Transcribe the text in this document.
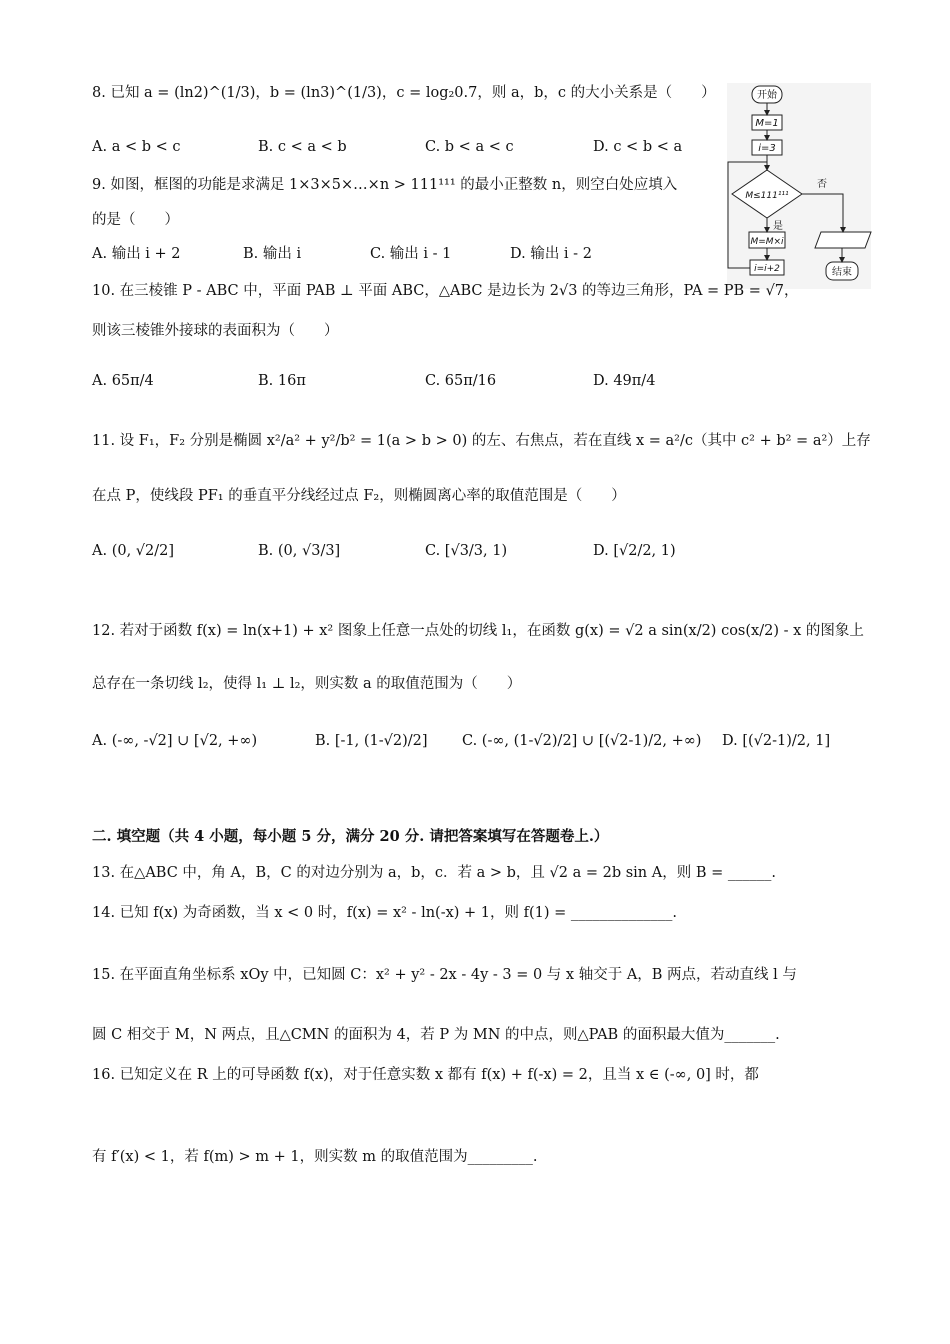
8. 已知 a = (ln2)^(1/3)，b = (ln3)^(1/3)，c = log₂0.7，则 a，b，c 的大小关系是（　　）
A. a < b < c	B. c < a < b	C. b < a < c	D. c < b < a
9. 如图，框图的功能是求满足 1×3×5×…×n > 111¹¹¹ 的最小正整数 n，则空白处应填入
的是（　　）
A. 输出 i + 2	B. 输出 i	C. 输出 i - 1	D. 输出 i - 2
开始
M=1
i=3
M≤111¹¹¹
否
是
M=M×i
i=i+2	结束
10. 在三棱锥 P - ABC 中，平面 PAB ⊥ 平面 ABC，△ABC 是边长为 2√3 的等边三角形，PA = PB = √7，
则该三棱锥外接球的表面积为（　　）
A. 65π/4	B. 16π	C. 65π/16	D. 49π/4
11. 设 F₁，F₂ 分别是椭圆 x²/a² + y²/b² = 1(a > b > 0) 的左、右焦点，若在直线 x = a²/c（其中 c² + b² = a²）上存
在点 P，使线段 PF₁ 的垂直平分线经过点 F₂，则椭圆离心率的取值范围是（　　）
A. (0, √2/2]	B. (0, √3/3]	C. [√3/3, 1)	D. [√2/2, 1)
12. 若对于函数 f(x) = ln(x+1) + x² 图象上任意一点处的切线 l₁，在函数 g(x) = √2 a sin(x/2) cos(x/2) - x 的图象上
总存在一条切线 l₂，使得 l₁ ⊥ l₂，则实数 a 的取值范围为（　　）
A. (-∞, -√2] ∪ [√2, +∞)	B. [-1, (1-√2)/2] C. (-∞, (1-√2)/2] ∪ [(√2-1)/2, +∞) D. [(√2-1)/2, 1]
二. 填空题（共 4 小题，每小题 5 分，满分 20 分. 请把答案填写在答题卷上.）
13. 在△ABC 中，角 A，B，C 的对边分别为 a，b，c．若 a > b，且 √2 a = 2b sin A，则 B = ______.
14. 已知 f(x) 为奇函数，当 x < 0 时，f(x) = x² - ln(-x) + 1，则 f(1) = ______________.
15. 在平面直角坐标系 xOy 中，已知圆 C：x² + y² - 2x - 4y - 3 = 0 与 x 轴交于 A，B 两点，若动直线 l 与
圆 C 相交于 M，N 两点，且△CMN 的面积为 4，若 P 为 MN 的中点，则△PAB 的面积最大值为_______.
16. 已知定义在 R 上的可导函数 f(x)，对于任意实数 x 都有 f(x) + f(-x) = 2，且当 x ∈ (-∞, 0] 时，都
有 f′(x) < 1，若 f(m) > m + 1，则实数 m 的取值范围为_________.
